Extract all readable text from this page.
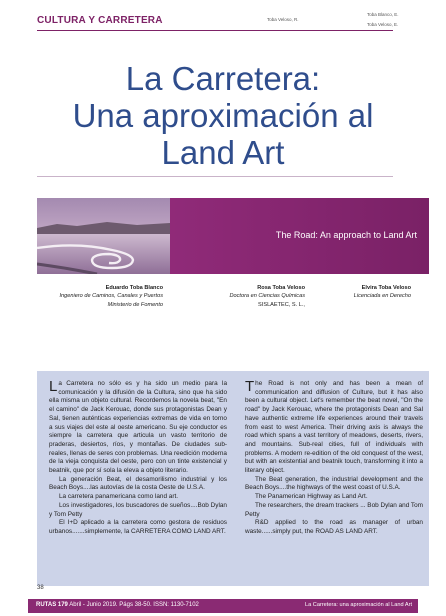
CULTURA Y CARRETERA	Toba Veloso, R.
Toba Blanco, E.
Toba Veloso, E.
La Carretera:
Una aproximación al
Land Art
The Road: An approach to Land Art
Eduardo Toba Blanco
Ingeniero de Caminos, Canales y Puertos
Ministerio de Fomento
Rosa Toba Veloso
Doctora en Ciencias Químicas
SISLAETEC, S. L.,
Elvira Toba Veloso
Licenciada en Derecho

La Carretera no sólo es y ha sido un medio para la comunicación y la difusión de la Cultura, sino que ha sido ella misma un objeto cultural. Recordemos la novela beat, "En el camino" de Jack Kerouac, donde sus protagonistas Dean y Sal, tienen auténticas experiencias extremas de vida en torno a sus viajes del este al oeste americano. Su eje conductor es siempre la carretera que articula un vasto territorio de praderas, desiertos, ríos, y montañas. De ciudades sub- reales, llenas de seres con problemas. Una reedición moderna de la vieja conquista del oeste, pero con un tinte existencial y beatnik, que por sí sola la eleva a objeto literario.

La generación Beat, el desamorilismo industrial y los Beach Boys....las autovías de la costa Oeste de U.S.A.

La carretera panamericana como land art.

Los investigadores, los buscadores de sueños....Bob Dylan y Tom Petty

El I+D aplicado a la carretera como gestora de residuos urbanos.......simplemente, la CARRETERA COMO LAND ART.

The Road is not only and has been a mean of communication and diffusion of Culture, but it has also been a cultural object. Let's remember the beat novel, "On the road" by Jack Kerouac, where the protagonists Dean and Sal have authentic extreme life experiences around their travels from east to west America. Their driving axis is always the road which spans a vast territory of meadows, deserts, rivers, and mountains. Sub-real cities, full of individuals with problems. A modern re-edition of the old conquest of the west, but with an existential and beatnik touch, transforming it into a literary object.

The Beat generation, the industrial development and the Beach Boys....the highways of the west coast of U.S.A.

The Panamerican Highway as Land Art.

The researchers, the dream trackers ... Bob Dylan and Tom Petty

R&D applied to the road as manager of urban waste......simply put, the ROAD AS LAND ART.

38
RUTAS 179 Abril - Junio 2019. Págs 38-50. ISSN: 1130-7102	La Carretera: una aproximación al Land Art
